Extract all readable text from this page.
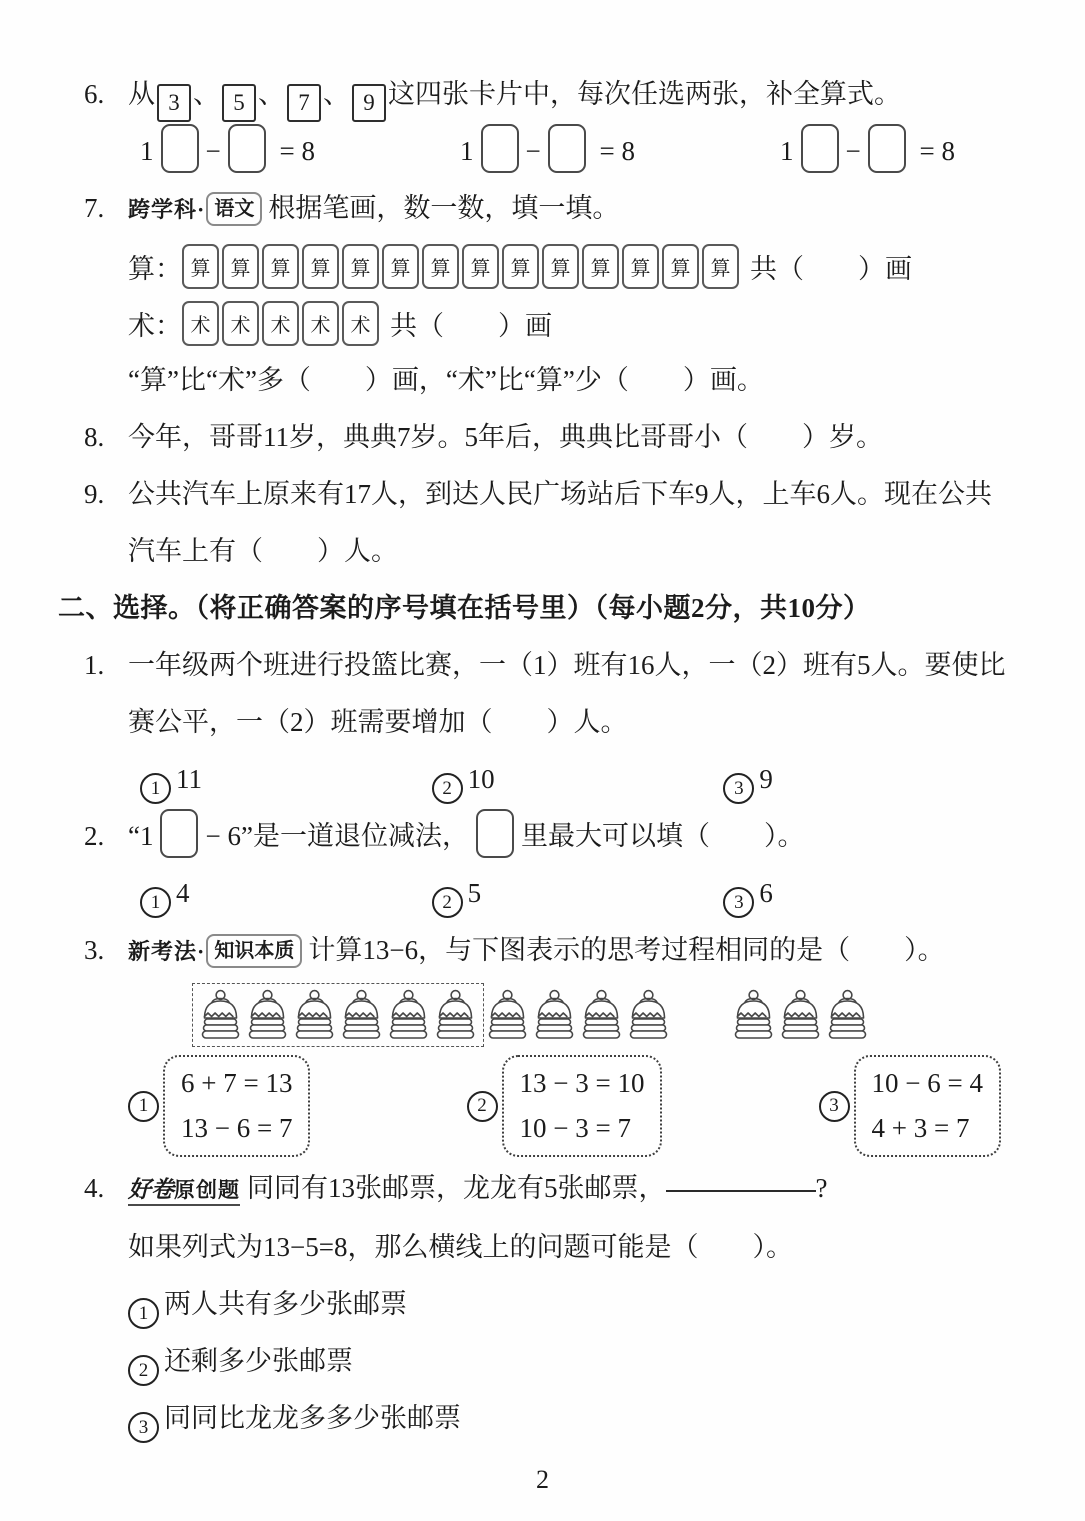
6. 从 3 、 5 、 7 、 9 这四张卡片中，每次任选两张，补全算式。
1 − = 8	1 − = 8	1 − = 8
7.	跨学科· 语文 根据笔画，数一数，填一填。
算： 算	算	算	算	算	算	算	算	算	算	算	算	算	算 共（　　）画
术： 术	术	术	术	术 共（　　）画
“算”比“术”多（　　）画，“术”比“算”少（　　）画。
8. 今年，哥哥11岁，典典7岁。5年后，典典比哥哥小（　　）岁。
9. 公共汽车上原来有17人，到达人民广场站后下车9人，上车6人。现在公共汽车上有（　　）人。
二、选择。（将正确答案的序号填在括号里）（每小题2分，共10分）
1. 一年级两个班进行投篮比赛，一（1）班有16人，一（2）班有5人。要使比赛公平，一（2）班需要增加（　　）人。
1 11	2 10	3 9
2. “1 − 6”是一道退位减法， 里最大可以填（　　）。
1 4	2 5	3 6
3.	新考法· 知识本质 计算13−6，与下图表示的思考过程相同的是（　　）。
1
6 + 7 = 13
13 − 6 = 7
2
13 − 3 = 10
10 − 3 = 7
3
10 − 6 = 4
4 + 3 = 7
4.	好卷原创题 同同有13张邮票，龙龙有5张邮票，	?
如果列式为13−5=8，那么横线上的问题可能是（　　）。
1 两人共有多少张邮票
2 还剩多少张邮票
3 同同比龙龙多多少张邮票
2
